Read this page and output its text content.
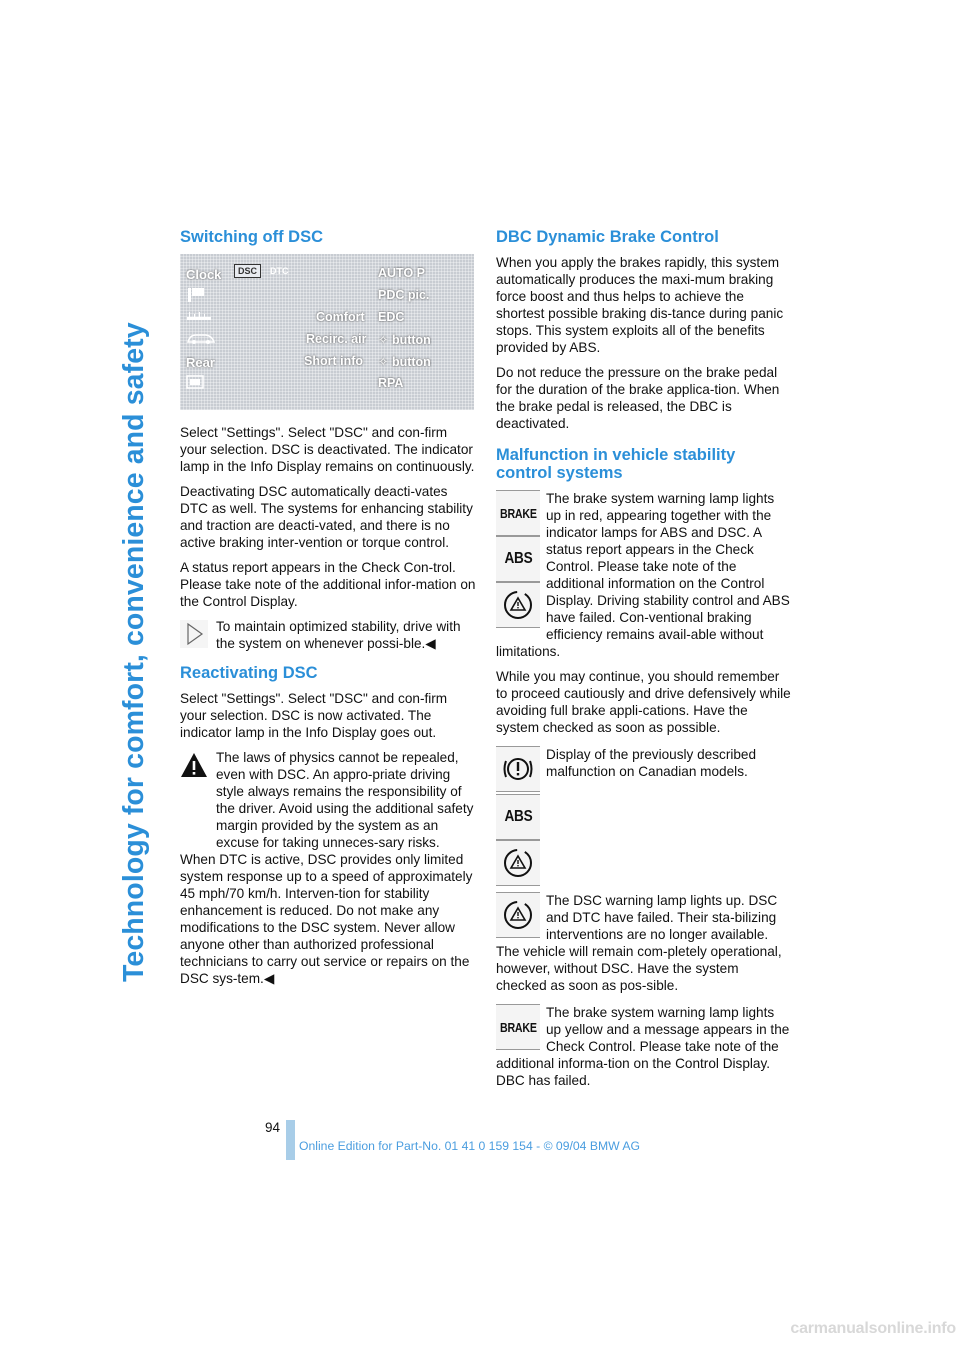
Technology for comfort, convenience and safety
Switching off DSC
Clock
Rear
DSC	DTC	AUTO P
PDC pic.
Comfort EDC
Recirc. air ✧ button
Short info ✧ button
RPA

Select "Settings". Select "DSC" and con-firm your selection. DSC is deactivated. The indicator lamp in the Info Display remains on continuously.

Deactivating DSC automatically deacti-vates DTC as well. The systems for enhancing stability and traction are deacti-vated, and there is no active braking inter-vention or torque control.

A status report appears in the Check Con-trol. Please take note of the additional infor-mation on the Control Display.

To maintain optimized stability, drive with the system on whenever possi-ble.◀

Reactivating DSC

Select "Settings". Select "DSC" and con-firm your selection. DSC is now activated. The indicator lamp in the Info Display goes out.

The laws of physics cannot be repealed, even with DSC. An appro-priate driving style always remains the responsibility of the driver. Avoid using the additional safety margin provided by the system as an excuse for taking unneces-sary risks.

When DTC is active, DSC provides only limited system response up to a speed of approximately 45 mph/70 km/h. Interven-tion for stability enhancement is reduced. Do not make any modifications to the DSC system. Never allow anyone other than authorized professional technicians to carry out service or repairs on the DSC sys-tem.◀

DBC Dynamic Brake Control

When you apply the brakes rapidly, this system automatically produces the maxi-mum braking force boost and thus helps to achieve the shortest possible braking dis-tance during panic stops. This system exploits all of the benefits provided by ABS.

Do not reduce the pressure on the brake pedal for the duration of the brake applica-tion. When the brake pedal is released, the DBC is deactivated.

Malfunction in vehicle stability control systems
BRAKE
ABS

The brake system warning lamp lights up in red, appearing together with the indicator lamps for ABS and DSC. A status report appears in the Check Control. Please take note of the additional information on the Control Display. Driving stability control and ABS have failed. Con-ventional braking efficiency remains avail-able without limitations.

While you may continue, you should remember to proceed cautiously and drive defensively while avoiding full brake appli-cations. Have the system checked as soon as possible.

ABS

Display of the previously described malfunction on Canadian models.

The DSC warning lamp lights up. DSC and DTC have failed. Their sta-bilizing interventions are no longer available. The vehicle will remain com-pletely operational, however, without DSC. Have the system checked as soon as pos-sible.

BRAKE

The brake system warning lamp lights up yellow and a message appears in the Check Control. Please take note of the additional informa-tion on the Control Display. DBC has failed.

94
Online Edition for Part-No. 01 41 0 159 154 - © 09/04 BMW AG
carmanualsonline.info
